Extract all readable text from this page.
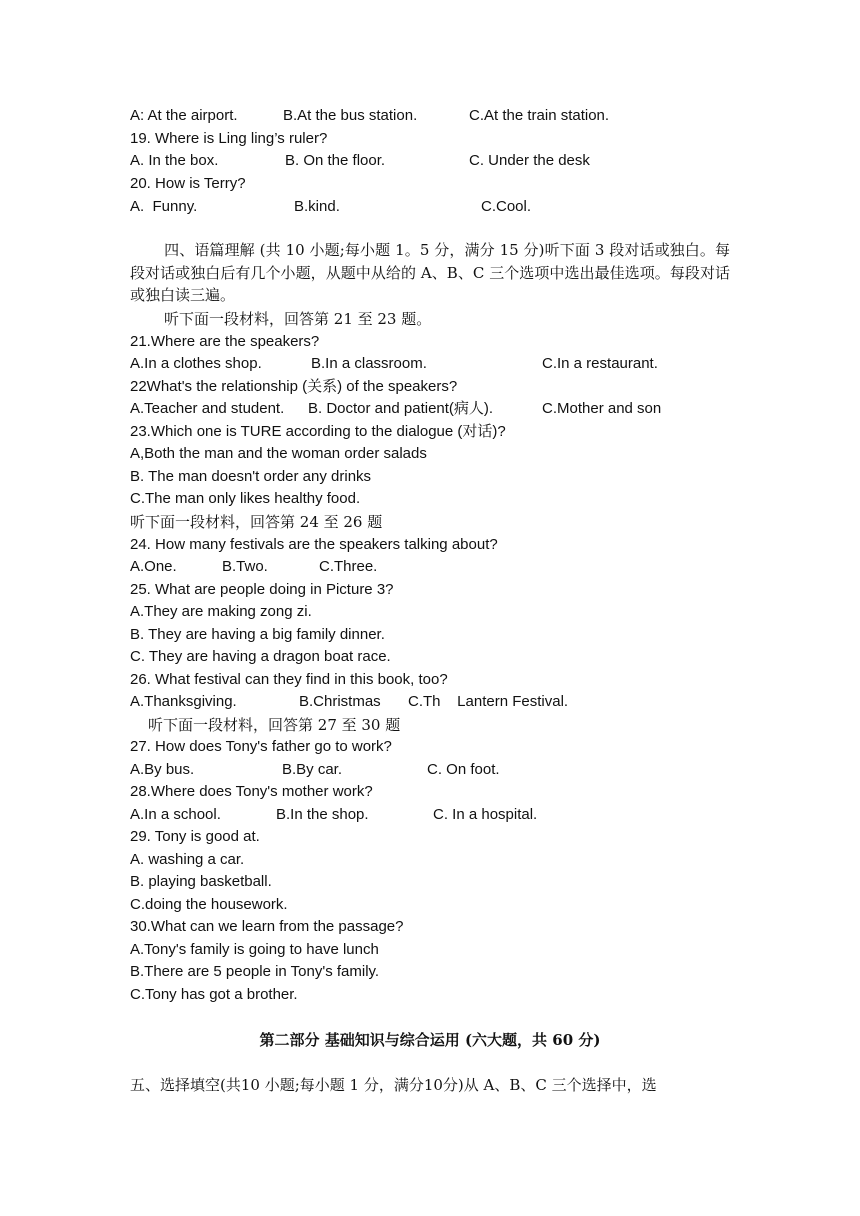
A: At the airport.	B.At the bus station.	C.At the train station.
19. Where is Ling ling’s ruler?
A. In the box.	B. On the floor.	C. Under the desk
20. How is Terry?
A.  Funny.	B.kind.	C.Cool.
四、语篇理解 (共 10 小题;每小题 1。5 分，满分 15 分)听下面 3 段对话或独白。每段对话或独白后有几个小题，从题中从给的 A、B、C 三个选项中选出最佳选项。每段对话或独白读三遍。
听下面一段材料，回答第 21 至 23 题。
21.Where are the speakers?
A.In a clothes shop.	B.In a classroom.	C.In a restaurant.
22What's the relationship (关系) of the speakers?
A.Teacher and student. B. Doctor and patient(病人).	C.Mother and son
23.Which one is TURE according to the dialogue (对话)?
A,Both the man and the woman order salads
B. The man doesn't order any drinks
C.The man only likes healthy food.
听下面一段材料，回答第 24 至 26 题
24. How many festivals are the speakers talking about?
A.One.	B.Two.	C.Three.
25. What are people doing in Picture 3?
A.They are making zong zi.
B. They are having a big family dinner.
C. They are having a dragon boat race.
26. What festival can they find in this book, too?
A.Thanksgiving.	B.Christmas C.Th    Lantern Festival.
听下面一段材料，回答第 27 至 30 题
27. How does Tony's father go to work?
A.By bus.	B.By car.	C. On foot.
28.Where does Tony's mother work?
A.In a school.	B.In the shop.	C. In a hospital.
29. Tony is good at.
A. washing a car.
B. playing basketball.
C.doing the housework.
30.What can we learn from the passage?
A.Tony's family is going to have lunch
B.There are 5 people in Tony's family.
C.Tony has got a brother.
第二部分 基础知识与综合运用 (六大题，共 60 分)
五、选择填空(共10 小题;每小题 1 分，满分10分)从 A、B、C 三个选择中，选
